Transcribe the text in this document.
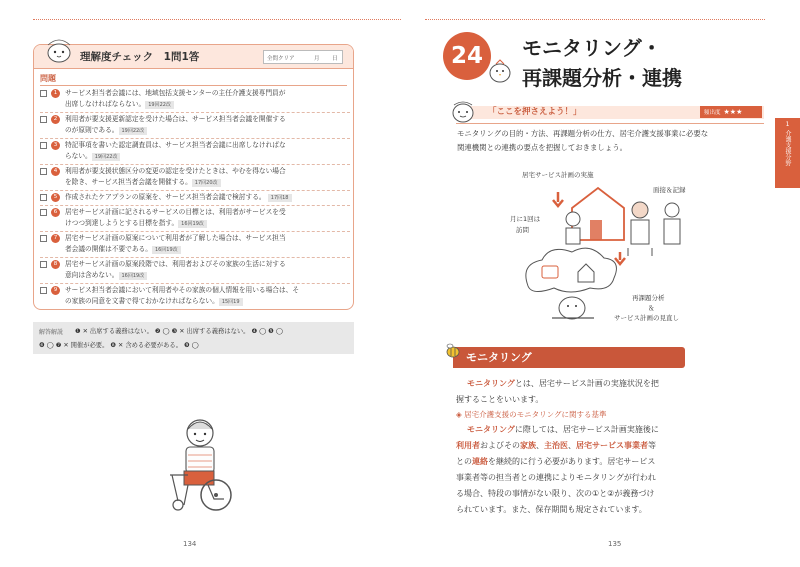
理解度チェック　1問1答	全問クリア	月 日
問題
1	サービス担当者会議には、地域包括支援センターの主任介護支援専門員が
出席しなければならない。 19回22改
2	利用者が要支援更新認定を受けた場合は、サービス担当者会議を開催する
のが原則である。 19回22改
3	特記事項を書いた認定調査員は、サービス担当者会議に出席しなければな
らない。 19回22改
4	利用者が要支援状態区分の変更の認定を受けたときは、やむを得ない場合
を除き、サービス担当者会議を開催する。 17回20改
5	作成されたケアプランの原案を、サービス担当者会議で検討する。 17回18
6	居宅サービス計画に記されるサービスの目標とは、利用者がサービスを受
けつつ到達しようとする目標を指す。 16回19改
7	居宅サービス計画の原案について利用者が了解した場合は、サービス担当
者会議の開催は不要である。 16回19改
8	居宅サービス計画の原案段階では、利用者およびその家族の生活に対する
意向は含めない。 16回19改
9	サービス担当者会議において利用者やその家族の個人情報を用いる場合は、そ
の家族の同意を文書で得ておかなければならない。 15回19
解答解説	❶ ✕ 出席する義務はない。 ❷ ◯ ❸ ✕ 出席する義務はない。 ❹ ◯ ❺ ◯
❻ ◯ ❼ ✕ 開催が必要。 ❽ ✕ 含める必要がある。 ❾ ◯
134
24	モニタリング・
再課題分析・連携
「ここを押さえよう！」	頻出度 ★★★
モニタリングの目的・方法、再課題分析の仕方、居宅介護支援事業に必要な
関連機関との連携の要点を把握しておきましょう。
居宅サービス計画の実施
面接＆記録
月に1回は
訪問
再課題分析
＆
サービス計画の見直し
1
介護支援分野
モニタリング
モニタリングとは、居宅サービス計画の実施状況を把
握することをいいます。
◈ 居宅介護支援のモニタリングに関する基準
モニタリングに際しては、居宅サービス計画実施後に
利用者およびその家族、主治医、居宅サービス事業者等
との連絡を継続的に行う必要があります。居宅サービス
事業者等の担当者との連携によりモニタリングが行われ
る場合、特段の事情がない限り、次の①と②が義務づけ
られています。また、保存期間も規定されています。
135
